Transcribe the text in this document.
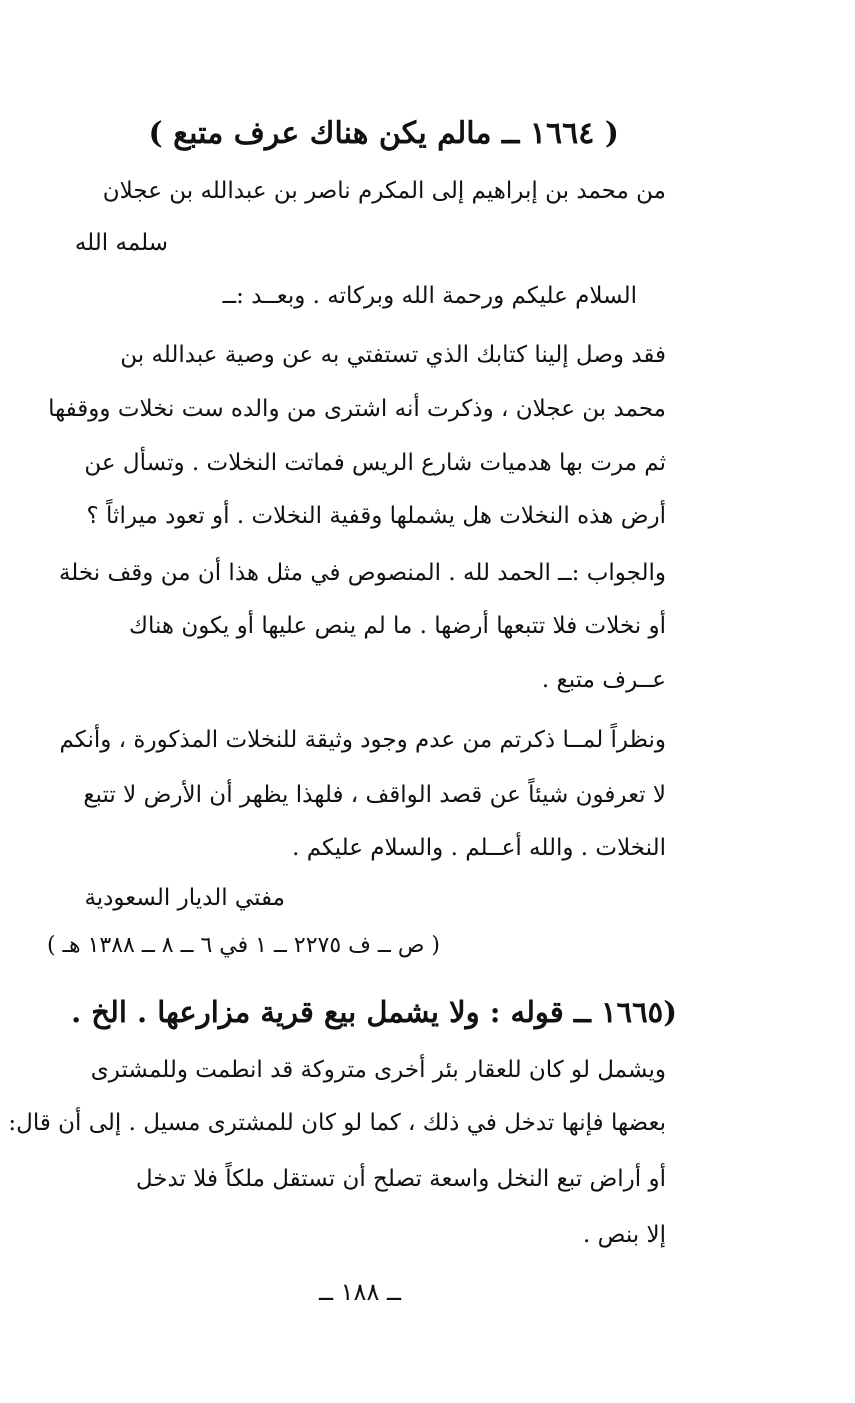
( ١٦٦٤ ــ مالم يكن هناك عرف متبع )
من محمد بن إبراهيم إلى المكرم ناصر بن عبدالله بن عجلان
سلمه الله
السلام عليكم ورحمة الله وبركاته . وبعــد :ــ
فقد وصل إلينا كتابك الذي تستفتي به عن وصية عبدالله بن
محمد بن عجلان ، وذكرت أنه اشترى من والده ست نخلات ووقفها
ثم مرت بها هدميات شارع الريس فماتت النخلات . وتسأل عن
أرض هذه النخلات هل يشملها وقفية النخلات . أو تعود ميراثاً ؟
والجواب :ــ الحمد لله . المنصوص في مثل هذا أن من وقف نخلة
أو نخلات فلا تتبعها أرضها . ما لم ينص عليها أو يكون هناك
عــرف متبع .
ونظراً لمــا ذكرتم من عدم وجود وثيقة للنخلات المذكورة ، وأنكم
لا تعرفون شيئاً عن قصد الواقف ، فلهذا يظهر أن الأرض لا تتبع
النخلات . والله أعــلم . والسلام عليكم .
مفتي الديار السعودية
( ص ــ ف ٢٢٧٥ ــ ١ في ٦ ــ ٨ ــ ١٣٨٨ هـ )
(١٦٦٥ ــ قوله : ولا يشمل بيع قرية مزارعها . الخ .
ويشمل لو كان للعقار بئر أخرى متروكة قد انطمت وللمشترى
بعضها فإنها تدخل في ذلك ، كما لو كان للمشترى مسيل . إلى أن قال:
أو أراض تبع النخل واسعة تصلح أن تستقل ملكاً فلا تدخل
إلا بنص .
ــ ١٨٨ ــ
